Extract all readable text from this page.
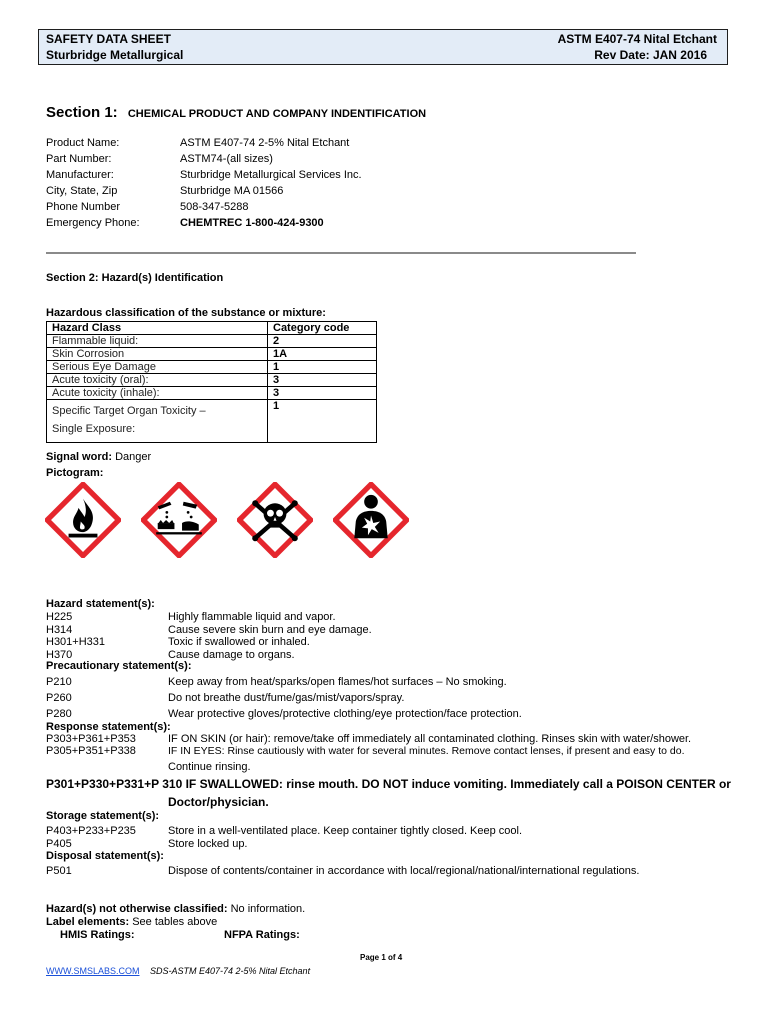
SAFETY DATA SHEET
Sturbridge Metallurgical
ASTM E407-74 Nital Etchant
Rev Date: JAN 2016
Section 1: CHEMICAL PRODUCT AND COMPANY INDENTIFICATION
Product Name:	ASTM E407-74 2-5% Nital Etchant
Part Number:	ASTM74-(all sizes)
Manufacturer:	Sturbridge Metallurgical Services Inc.
City, State, Zip	Sturbridge MA 01566
Phone Number	508-347-5288
Emergency Phone:	CHEMTREC 1-800-424-9300
Section 2: Hazard(s) Identification
Hazardous classification of the substance or mixture:
Hazard Class	Category code
Flammable liquid:	2
Skin Corrosion	1A
Serious Eye Damage	1
Acute toxicity (oral):	3
Acute toxicity (inhale):	3

Specific Target Organ Toxicity –
Single Exposure:	1
Signal word: Danger
Pictogram:
Hazard statement(s):
H225	Highly flammable liquid and vapor.
H314	Cause severe skin burn and eye damage.
H301+H331	Toxic if swallowed or inhaled.
H370	Cause damage to organs.
Precautionary statement(s):
P210	Keep away from heat/sparks/open flames/hot surfaces – No smoking.
P260	Do not breathe dust/fume/gas/mist/vapors/spray.
P280	Wear protective gloves/protective clothing/eye protection/face protection.
Response statement(s):
P303+P361+P353	IF ON SKIN (or hair): remove/take off immediately all contaminated clothing. Rinses skin with water/shower.
P305+P351+P338	IF IN EYES: Rinse cautiously with water for several minutes. Remove contact lenses, if present and easy to do.
Continue rinsing.
P301+P330+P331+P 310 IF SWALLOWED: rinse mouth. DO NOT induce vomiting. Immediately call a POISON CENTER or
Doctor/physician.
Storage statement(s):
P403+P233+P235	Store in a well-ventilated place. Keep container tightly closed. Keep cool.
P405	Store locked up.
Disposal statement(s):
P501	Dispose of contents/container in accordance with local/regional/national/international regulations.
Hazard(s) not otherwise classified: No information.
Label elements: See tables above
HMIS Ratings:	NFPA Ratings:
Page 1 of 4
WWW.SMSLABS.COM SDS-ASTM E407-74 2-5% Nital Etchant
